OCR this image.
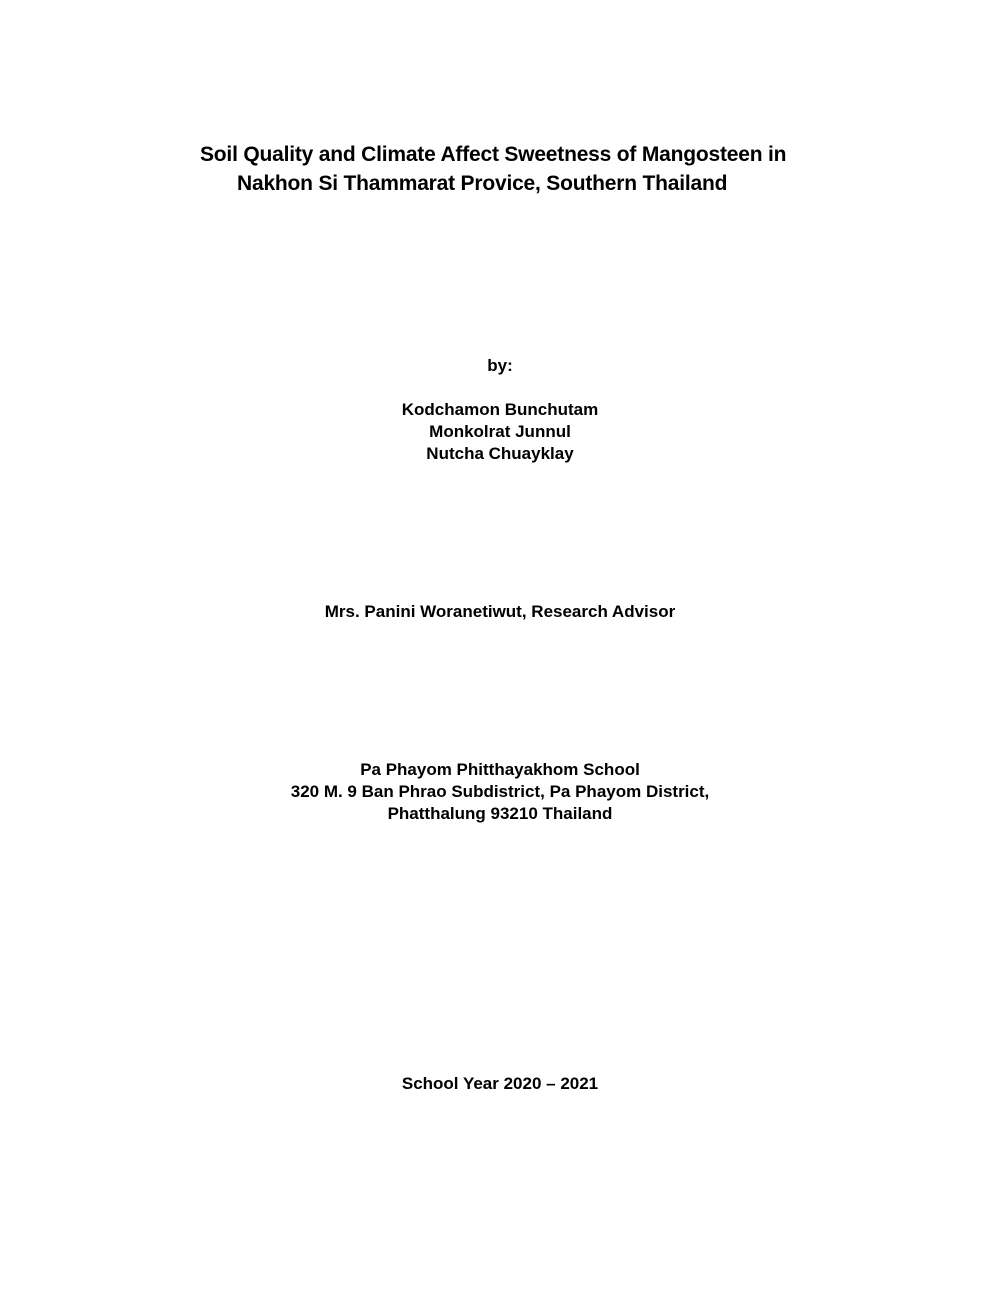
Soil Quality and Climate Affect Sweetness of Mangosteen in
Nakhon Si Thammarat Provice, Southern Thailand
by:
Kodchamon Bunchutam
Monkolrat Junnul
Nutcha Chuayklay
Mrs. Panini Woranetiwut, Research Advisor
Pa Phayom Phitthayakhom School
320 M. 9 Ban Phrao Subdistrict, Pa Phayom District,
Phatthalung 93210 Thailand
School Year 2020 – 2021
